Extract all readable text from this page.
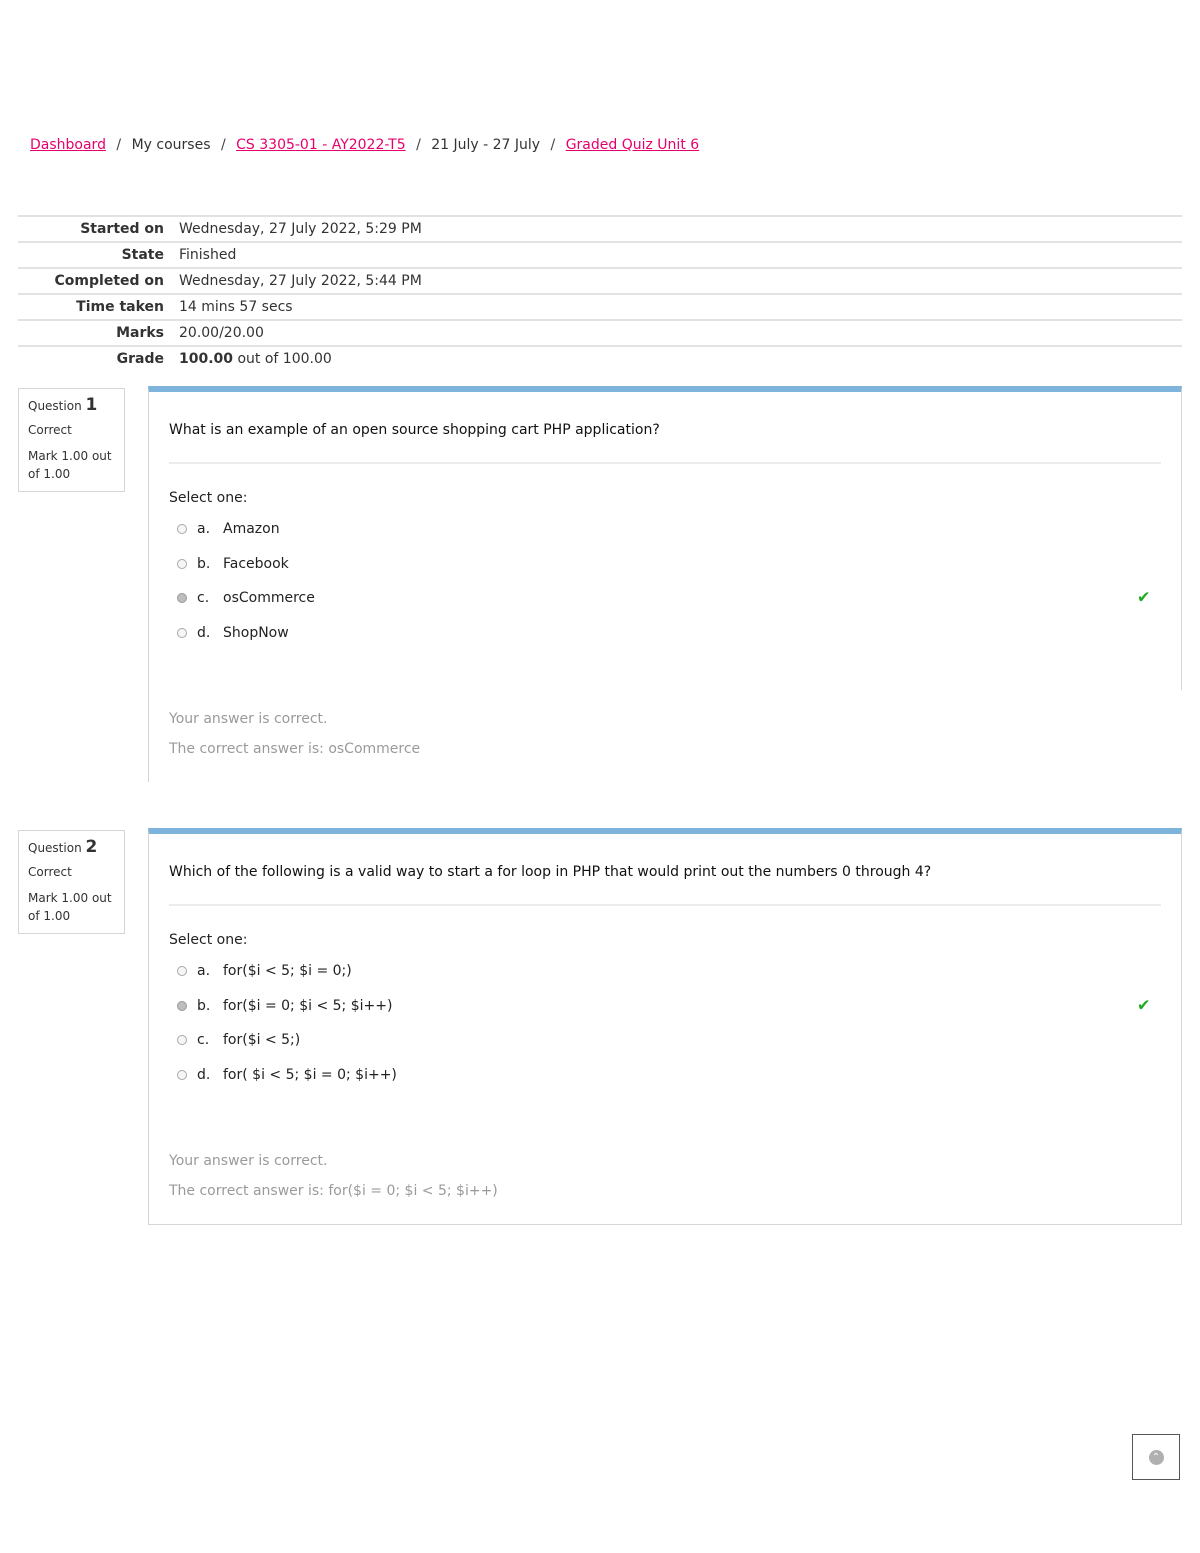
Dashboard / My courses / CS 3305-01 - AY2022-T5 / 21 July - 27 July / Graded Quiz Unit 6
Started on	Wednesday, 27 July 2022, 5:29 PM
State	Finished
Completed on	Wednesday, 27 July 2022, 5:44 PM
Time taken	14 mins 57 secs
Marks	20.00/20.00
Grade	100.00 out of 100.00
Question 1
Correct
Mark 1.00 out of 1.00
What is an example of an open source shopping cart PHP application?
Select one:
a. Amazon
b. Facebook
c. osCommerce	✔
d. ShopNow
Your answer is correct.
The correct answer is: osCommerce
Question 2
Correct
Mark 1.00 out of 1.00
Which of the following is a valid way to start a for loop in PHP that would print out the numbers 0 through 4?
Select one:
a. for($i < 5; $i = 0;)
b. for($i = 0; $i < 5; $i++)	✔
c. for($i < 5;)
d. for( $i < 5; $i = 0; $i++)
Your answer is correct.
The correct answer is: for($i = 0; $i < 5; $i++)
⌃
